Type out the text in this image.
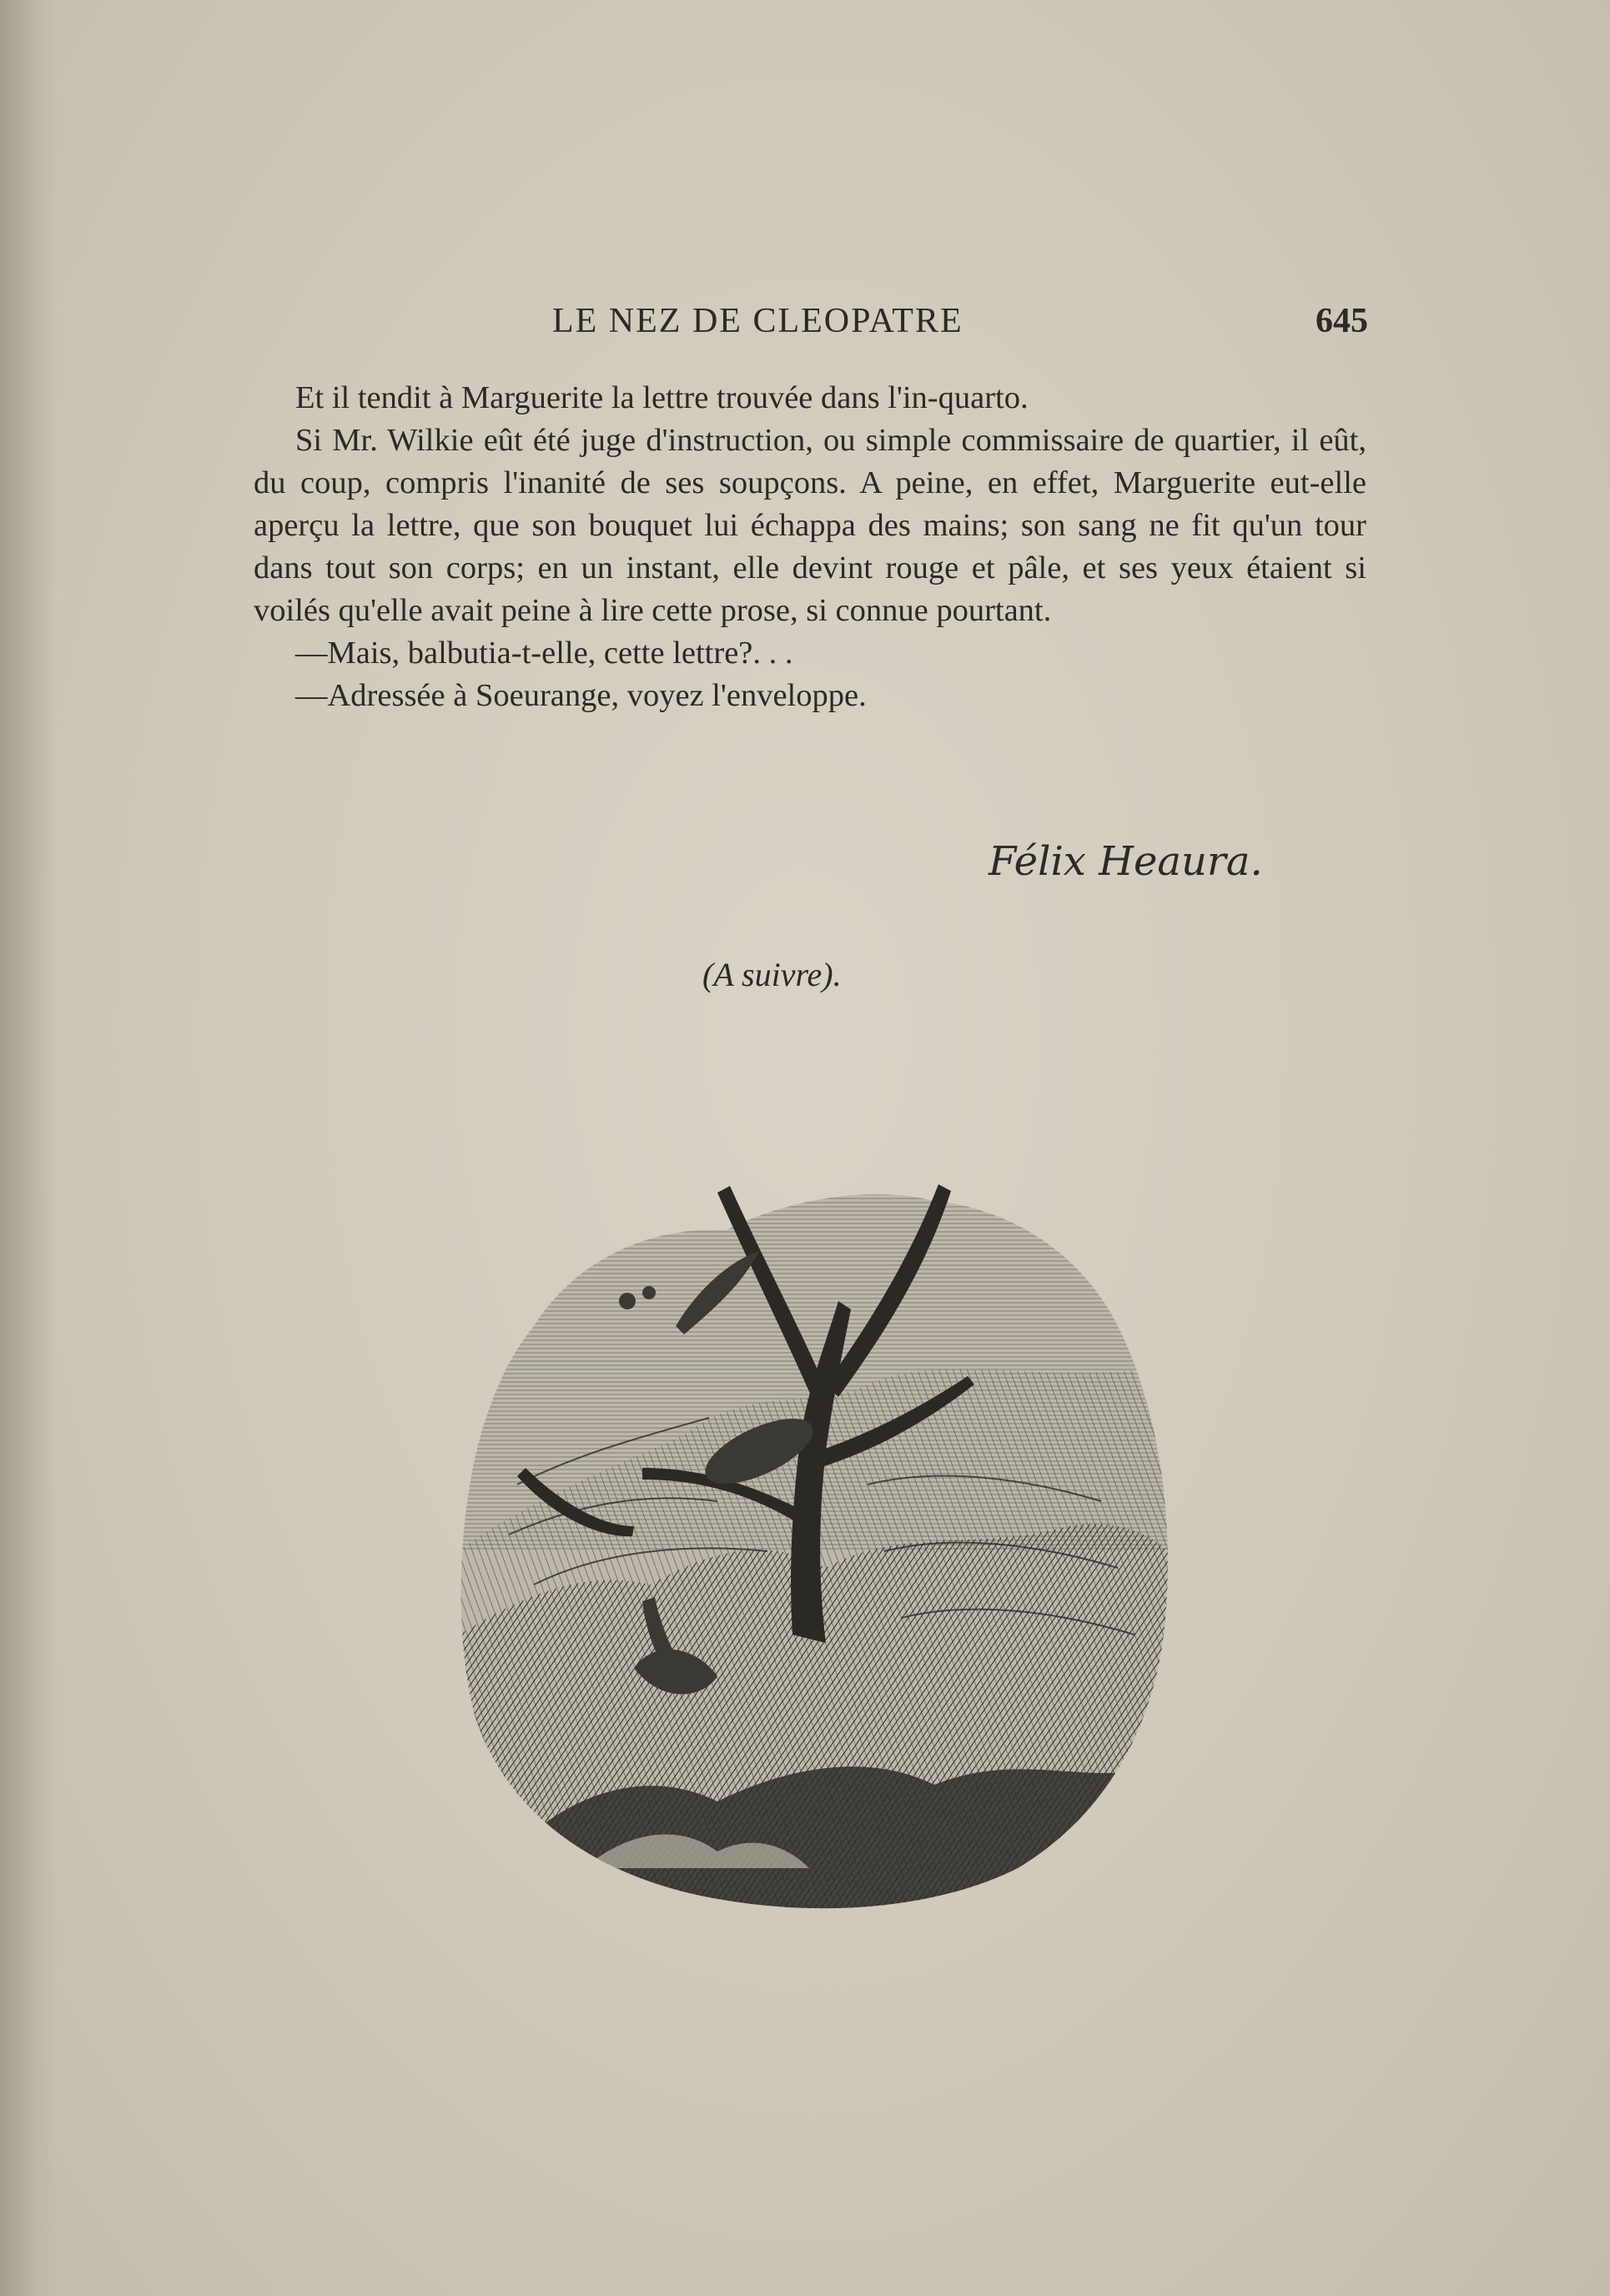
LE NEZ DE CLEOPATRE	645

Et il tendit à Marguerite la lettre trouvée dans l'in-quarto.

Si Mr. Wilkie eût été juge d'instruction, ou simple commissaire de quartier, il eût, du coup, compris l'inanité de ses soupçons. A peine, en effet, Marguerite eut-elle aperçu la lettre, que son bouquet lui échappa des mains; son sang ne fit qu'un tour dans tout son corps; en un instant, elle devint rouge et pâle, et ses yeux étaient si voilés qu'elle avait peine à lire cette prose, si connue pourtant.

—Mais, balbutia-t-elle, cette lettre?. . .

—Adressée à Soeurange, voyez l'enveloppe.

Félix Heaura.
(A suivre).
